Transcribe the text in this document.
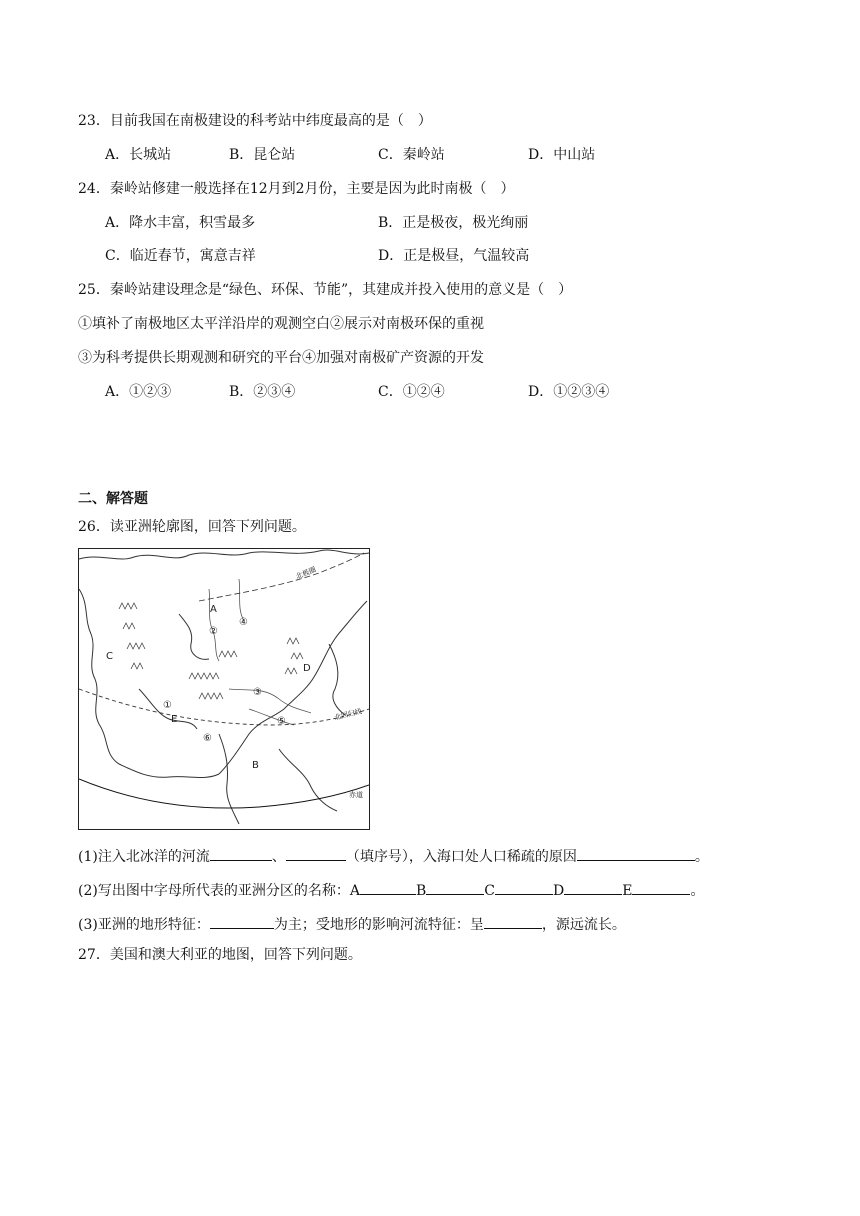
23．目前我国在南极建设的科考站中纬度最高的是（　）
A．长城站	B．昆仑站	C．秦岭站	D．中山站
24．秦岭站修建一般选择在12月到2月份，主要是因为此时南极（　）
A．降水丰富，积雪最多	B．正是极夜，极光绚丽
C．临近春节，寓意吉祥	D．正是极昼，气温较高
25．秦岭站建设理念是“绿色、环保、节能”，其建成并投入使用的意义是（　）
①填补了南极地区太平洋沿岸的观测空白②展示对南极环保的重视
③为科考提供长期观测和研究的平台④加强对南极矿产资源的开发
A．①②③	B．②③④	C．①②④	D．①②③④
二、解答题
26．读亚洲轮廓图，回答下列问题。
北极圈
北回归线
赤道
A
B
C
D
E
①
②
③
④
⑤
⑥
(1)注入北冰洋的河流	、	（填序号），入海口处人口稀疏的原因	。
(2)写出图中字母所代表的亚洲分区的名称：A	B	C	D	E	。
(3)亚洲的地形特征：	为主；受地形的影响河流特征：呈	，源远流长。
27．美国和澳大利亚的地图，回答下列问题。
